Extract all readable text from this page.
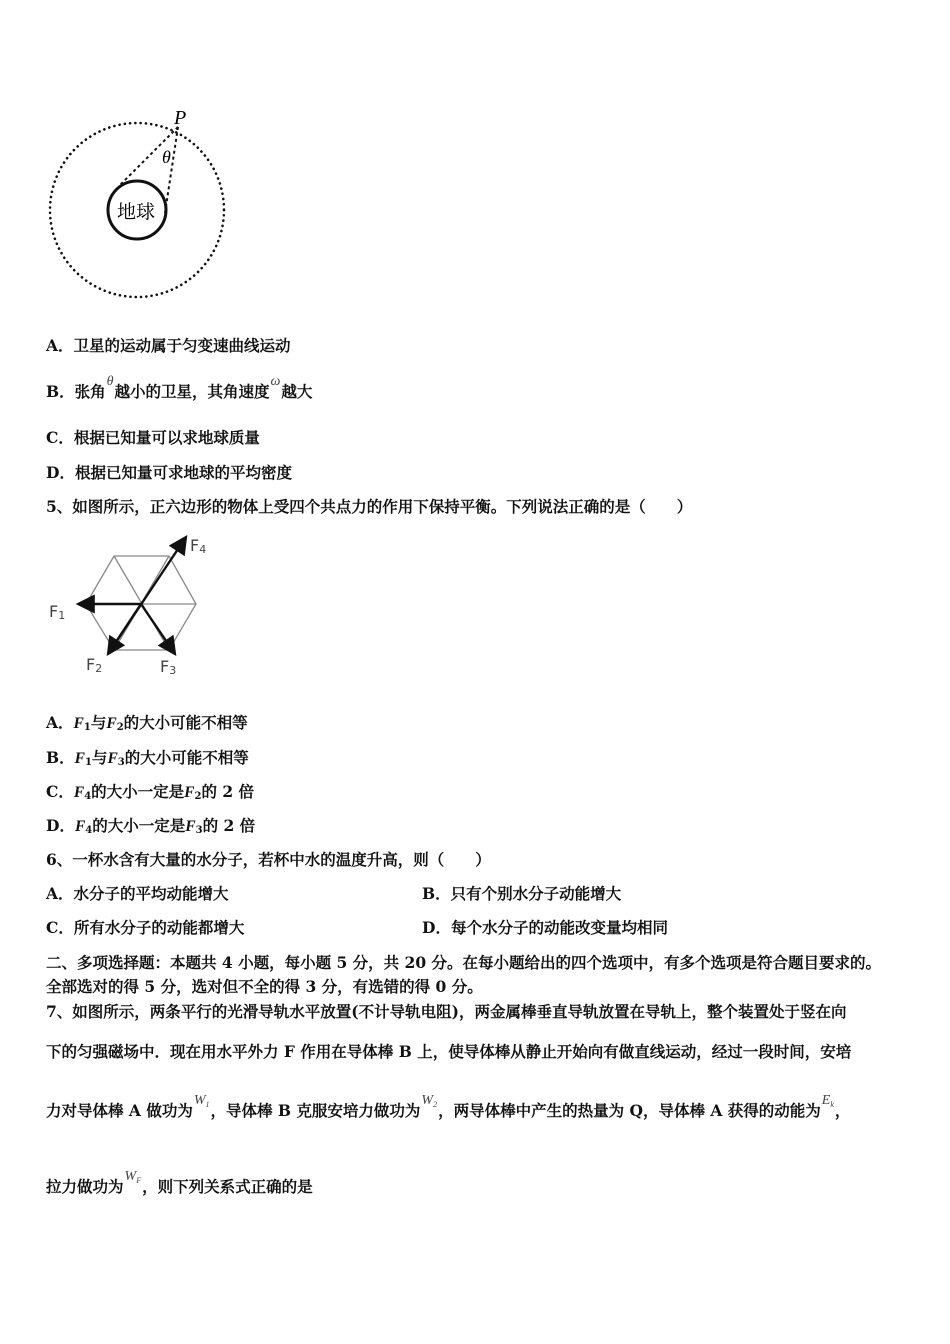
P
θ
地球
A．卫星的运动属于匀变速曲线运动
B．张角θ越小的卫星，其角速度ω越大
C．根据已知量可以求地球质量
D．根据已知量可求地球的平均密度
5、如图所示，正六边形的物体上受四个共点力的作用下保持平衡。下列说法正确的是（　　）
F1
F2	F3
F4
A．$F_1$与$F_2$的大小可能不相等
B．$F_1$与$F_3$的大小可能不相等
C．$F_4$的大小一定是$F_2$的 2 倍
D．$F_4$的大小一定是$F_3$的 2 倍
6、一杯水含有大量的水分子，若杯中水的温度升高，则（　　）
A．水分子的平均动能增大	B．只有个别水分子动能增大
C．所有水分子的动能都增大	D．每个水分子的动能改变量均相同
二、多项选择题：本题共 4 小题，每小题 5 分，共 20 分。在每小题给出的四个选项中，有多个选项是符合题目要求的。
全部选对的得 5 分，选对但不全的得 3 分，有选错的得 0 分。
7、如图所示，两条平行的光滑导轨水平放置(不计导轨电阻)，两金属棒垂直导轨放置在导轨上，整个装置处于竖在向
下的匀强磁场中．现在用水平外力 F 作用在导体棒 B 上，使导体棒从静止开始向有做直线运动，经过一段时间，安培
力对导体棒 A 做功为$W_1$，导体棒 B 克服安培力做功为$W_2$，两导体棒中产生的热量为 Q，导体棒 A 获得的动能为$E_k$，
拉力做功为$W_F$，则下列关系式正确的是
